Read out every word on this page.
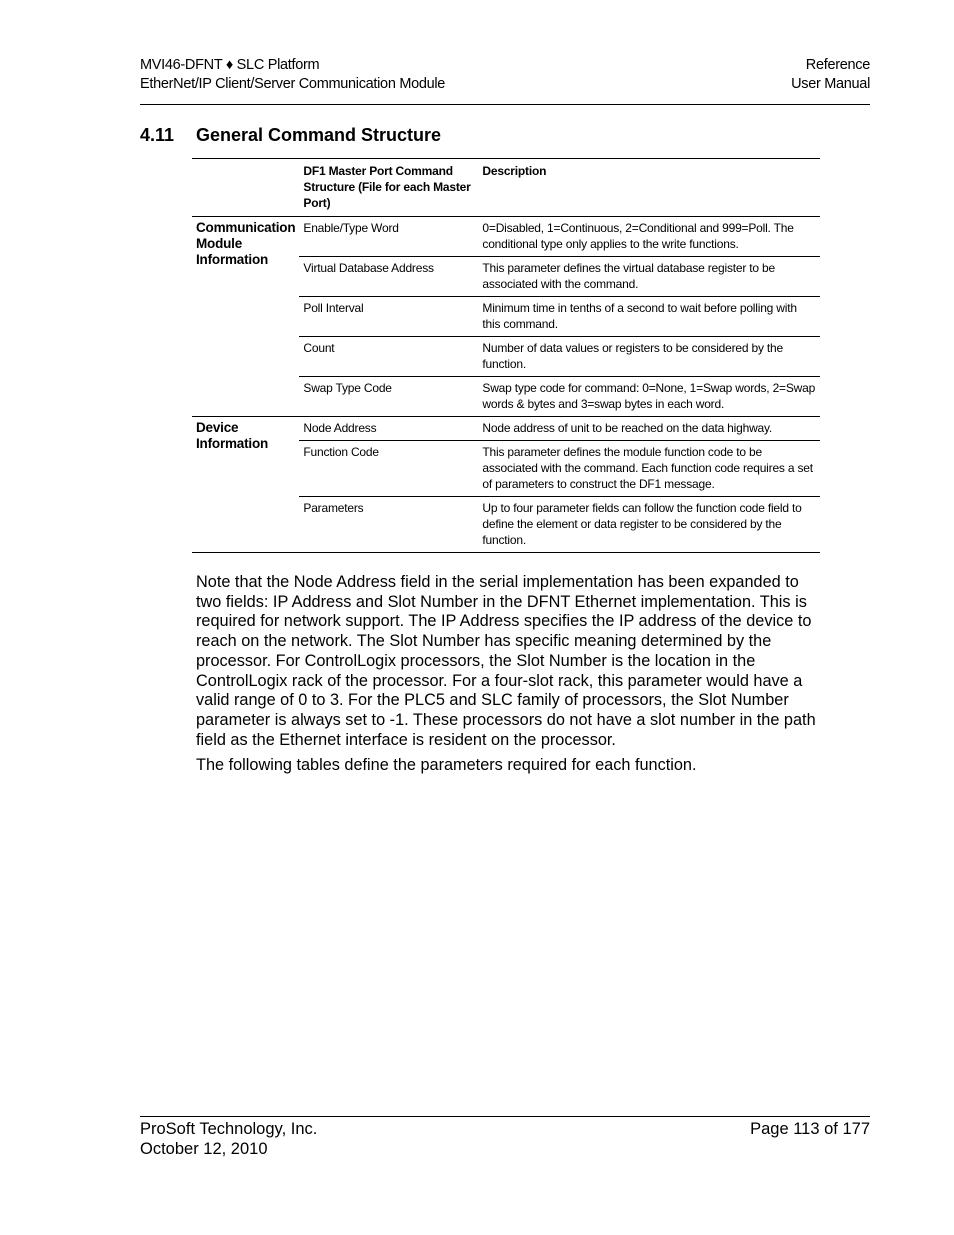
MVI46-DFNT ♦ SLC Platform
EtherNet/IP Client/Server Communication Module
Reference
User Manual
4.11 General Command Structure
	DF1 Master Port Command Structure (File for each Master Port)	Description
Communication Module Information	Enable/Type Word	0=Disabled, 1=Continuous, 2=Conditional and 999=Poll. The conditional type only applies to the write functions.
	Virtual Database Address	This parameter defines the virtual database register to be associated with the command.
	Poll Interval	Minimum time in tenths of a second to wait before polling with this command.
	Count	Number of data values or registers to be considered by the function.
	Swap Type Code	Swap type code for command: 0=None, 1=Swap words, 2=Swap words & bytes and 3=swap bytes in each word.
Device Information	Node Address	Node address of unit to be reached on the data highway.
	Function Code	This parameter defines the module function code to be associated with the command. Each function code requires a set of parameters to construct the DF1 message.
	Parameters	Up to four parameter fields can follow the function code field to define the element or data register to be considered by the function.

Note that the Node Address field in the serial implementation has been expanded to two fields: IP Address and Slot Number in the DFNT Ethernet implementation. This is required for network support. The IP Address specifies the IP address of the device to reach on the network. The Slot Number has specific meaning determined by the processor. For ControlLogix processors, the Slot Number is the location in the ControlLogix rack of the processor. For a four-slot rack, this parameter would have a valid range of 0 to 3. For the PLC5 and SLC family of processors, the Slot Number parameter is always set to -1. These processors do not have a slot number in the path field as the Ethernet interface is resident on the processor.

The following tables define the parameters required for each function.

ProSoft Technology, Inc.
October 12, 2010
Page 113 of 177
